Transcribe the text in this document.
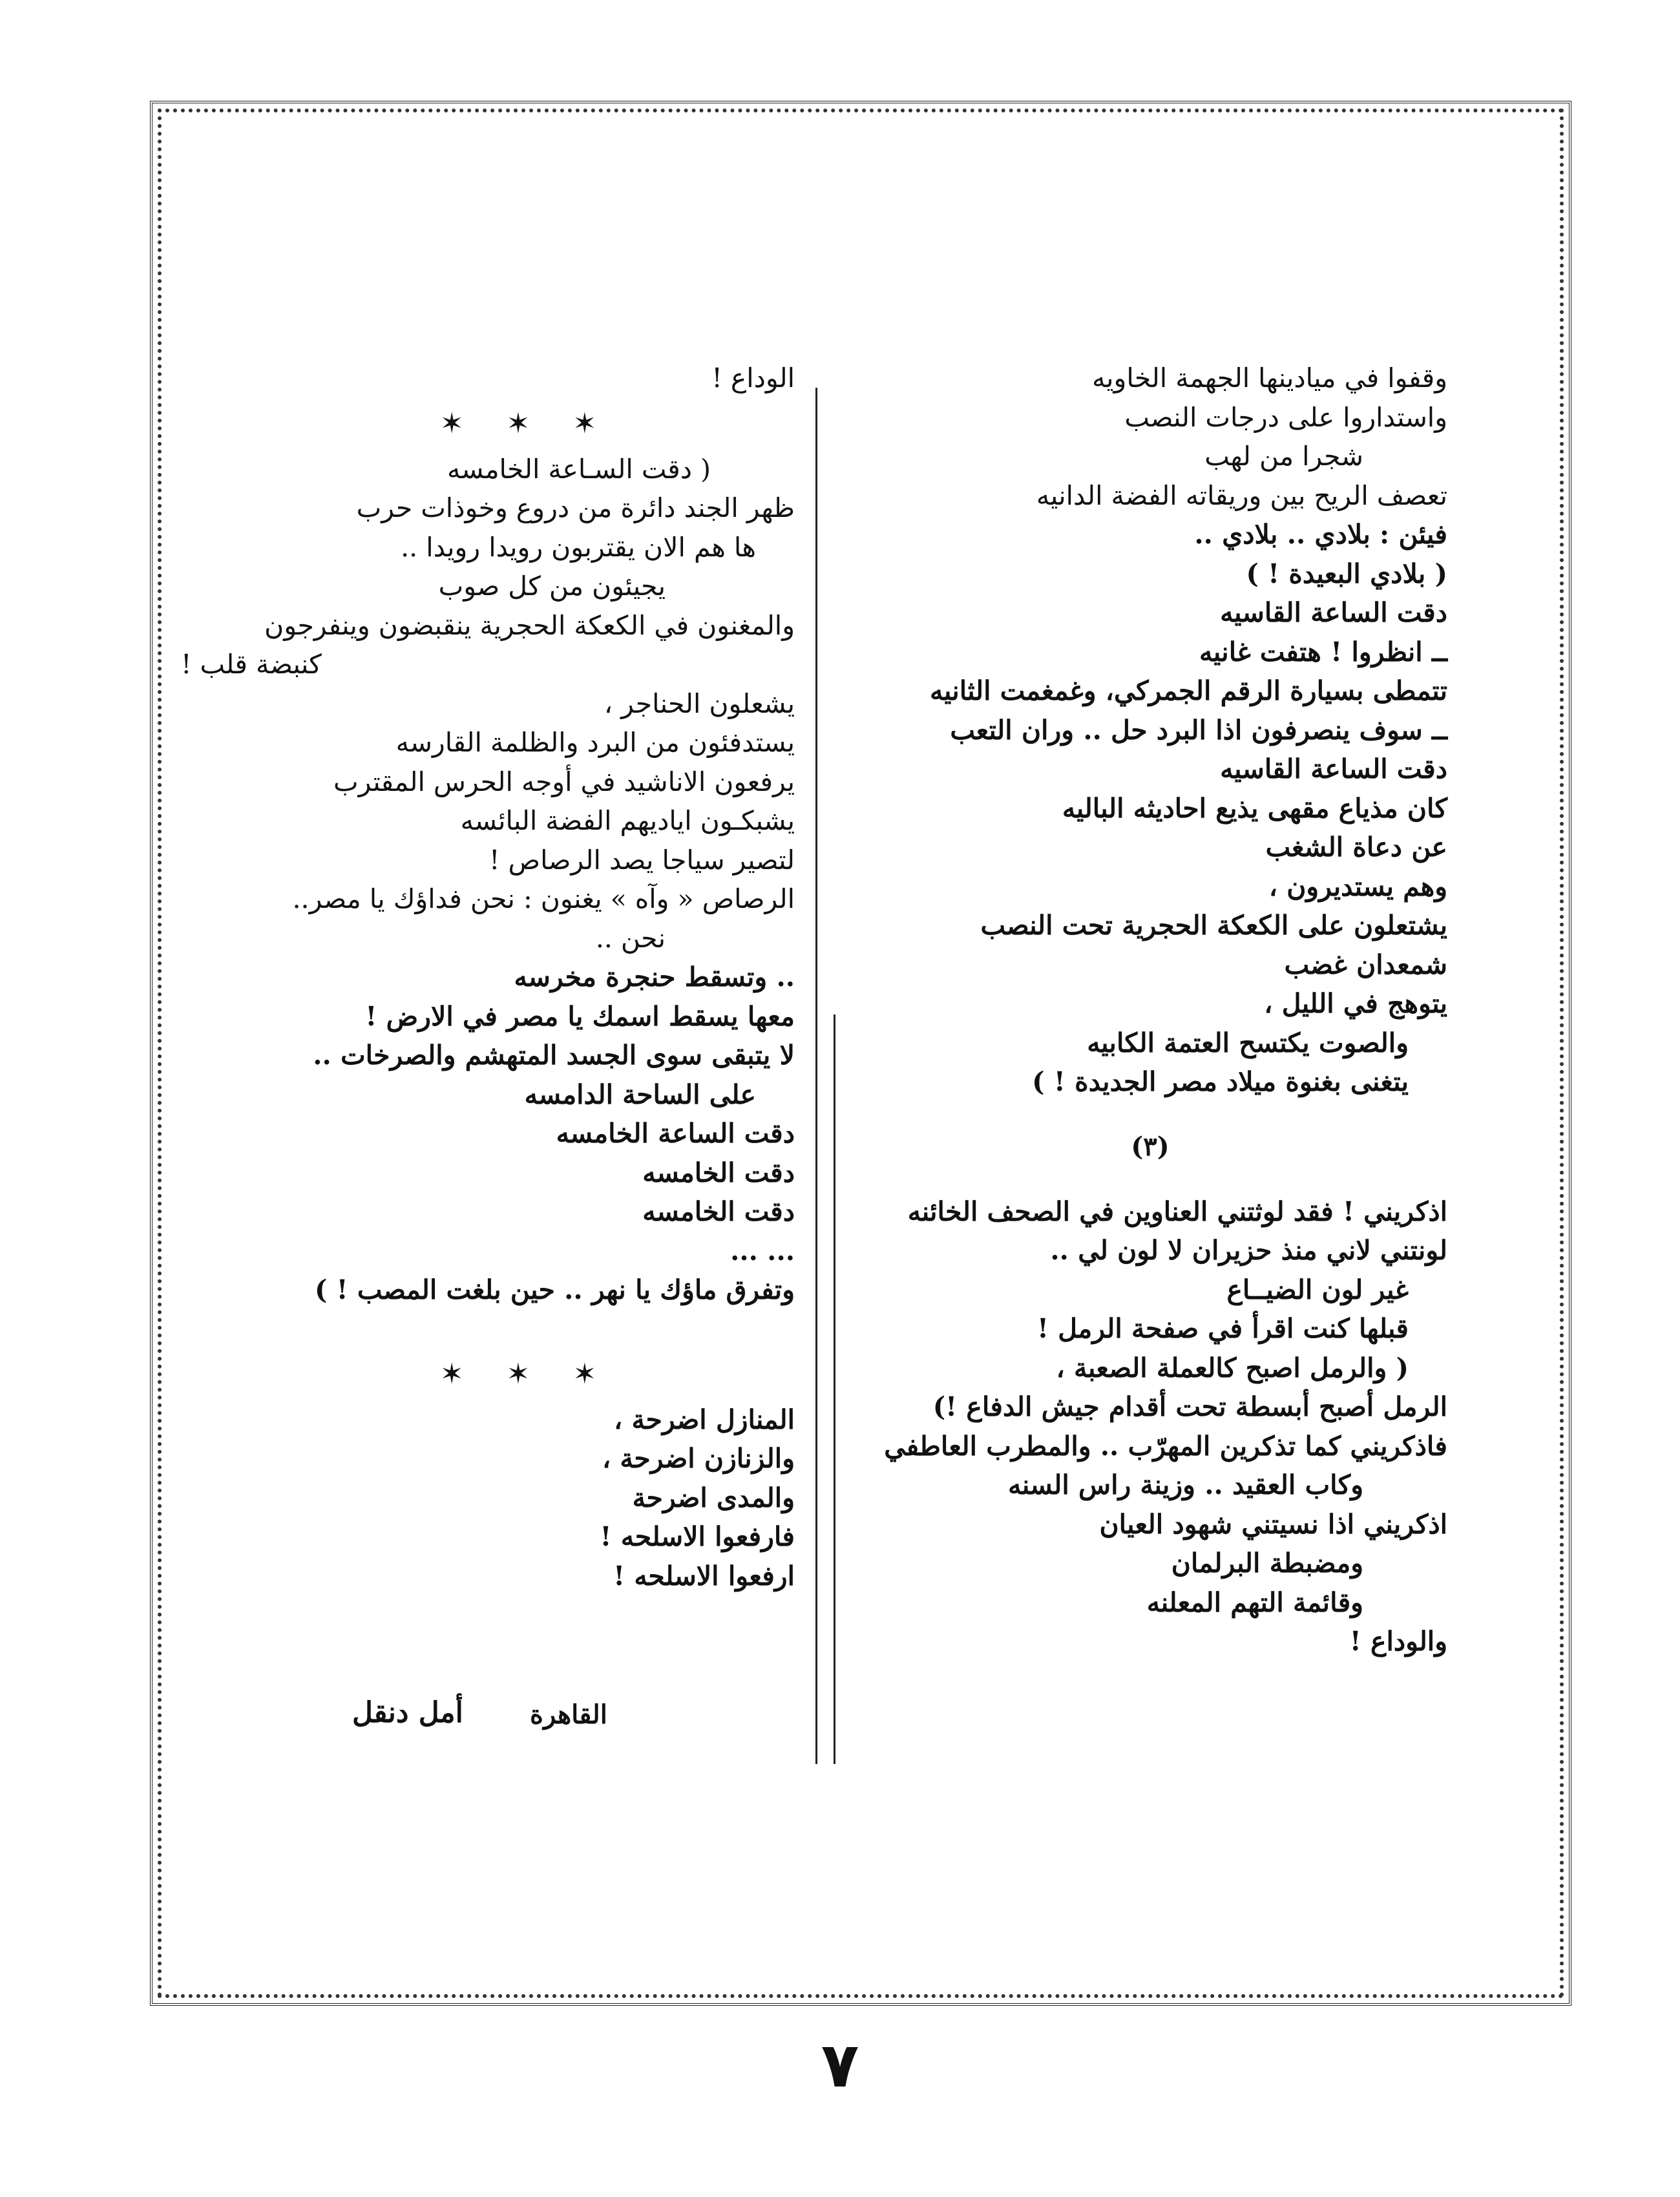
وقفوا في ميادينها الجهمة الخاويه
واستداروا على درجات النصب
شجرا من لهب
تعصف الريح بين وريقاته الفضة الدانيه
فيئن : بلادي .. بلادي ..
( بلادي البعيدة ! )
دقت الساعة القاسيه
ــ انظروا ! هتفت غانيه
تتمطى بسيارة الرقم الجمركي، وغمغمت الثانيه
ــ سوف ينصرفون اذا البرد حل .. وران التعب
دقت الساعة القاسيه
كان مذياع مقهى يذيع احاديثه الباليه
عن دعاة الشغب
وهم يستديرون ،
يشتعلون على الكعكة الحجرية تحت النصب
شمعدان غضب
يتوهج في الليل ،
والصوت يكتسح العتمة الكابيه
يتغنى بغنوة ميلاد مصر الجديدة ! )
(٣)
اذكريني ! فقد لوثتني العناوين في الصحف الخائنه
لونتني لاني منذ حزيران لا لون لي ..
غير لون الضيــاع
قبلها كنت اقرأ في صفحة الرمل !
( والرمل اصبح كالعملة الصعبة ،
الرمل أصبح أبسطة تحت أقدام جيش الدفاع !)
فاذكريني كما تذكرين المهرّب .. والمطرب العاطفي
وكاب العقيد .. وزينة راس السنه
اذكريني اذا نسيتني شهود العيان
ومضبطة البرلمان
وقائمة التهم المعلنه
والوداع !
الوداع !
✶ ✶ ✶
( دقت السـاعة الخامسه
ظهر الجند دائرة من دروع وخوذات حرب
ها هم الان يقتربون رويدا رويدا ..
يجيئون من كل صوب
والمغنون في الكعكة الحجرية ينقبضون وينفرجون
كنبضة قلب !
يشعلون الحناجر ،
يستدفئون من البرد والظلمة القارسه
يرفعون الاناشيد في أوجه الحرس المقترب
يشبكـون اياديهم الفضة البائسه
لتصير سياجا يصد الرصاص !
الرصاص « وآه » يغنون : نحن فداؤك يا مصر..
نحن ..
.. وتسقط حنجرة مخرسه
معها يسقط اسمك يا مصر في الارض !
لا يتبقى سوى الجسد المتهشم والصرخات ..
على الساحة الدامسه
دقت الساعة الخامسه
دقت الخامسه
دقت الخامسه
... ...
وتفرق ماؤك يا نهر .. حين بلغت المصب ! )
✶ ✶ ✶
المنازل اضرحة ،
والزنازن اضرحة ،
والمدى اضرحة
فارفعوا الاسلحه !
ارفعوا الاسلحه !
القاهرة
أمل دنقل
٧
